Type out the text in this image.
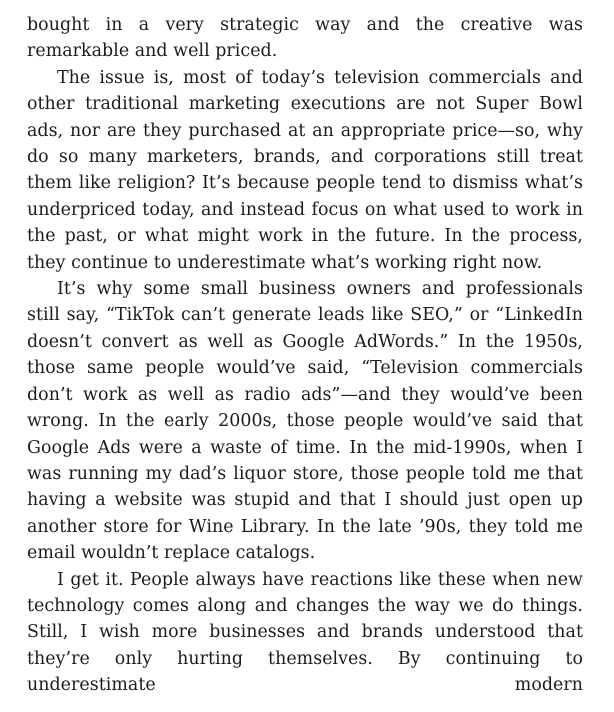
bought in a very strategic way and the creative was remarkable and well priced.

The issue is, most of today’s television commercials and other traditional marketing executions are not Super Bowl ads, nor are they purchased at an appropriate price—so, why do so many marketers, brands, and corporations still treat them like religion? It’s because people tend to dismiss what’s underpriced today, and instead focus on what used to work in the past, or what might work in the future. In the process, they continue to underestimate what’s working right now.

It’s why some small business owners and professionals still say, “TikTok can’t generate leads like SEO,” or “LinkedIn doesn’t convert as well as Google AdWords.” In the 1950s, those same people would’ve said, “Television commercials don’t work as well as radio ads”—and they would’ve been wrong. In the early 2000s, those people would’ve said that Google Ads were a waste of time. In the mid-1990s, when I was running my dad’s liquor store, those people told me that having a website was stupid and that I should just open up another store for Wine Library. In the late ’90s, they told me email wouldn’t replace catalogs.

I get it. People always have reactions like these when new technology comes along and changes the way we do things. Still, I wish more businesses and brands understood that they’re only hurting themselves. By continuing to underestimate modern
